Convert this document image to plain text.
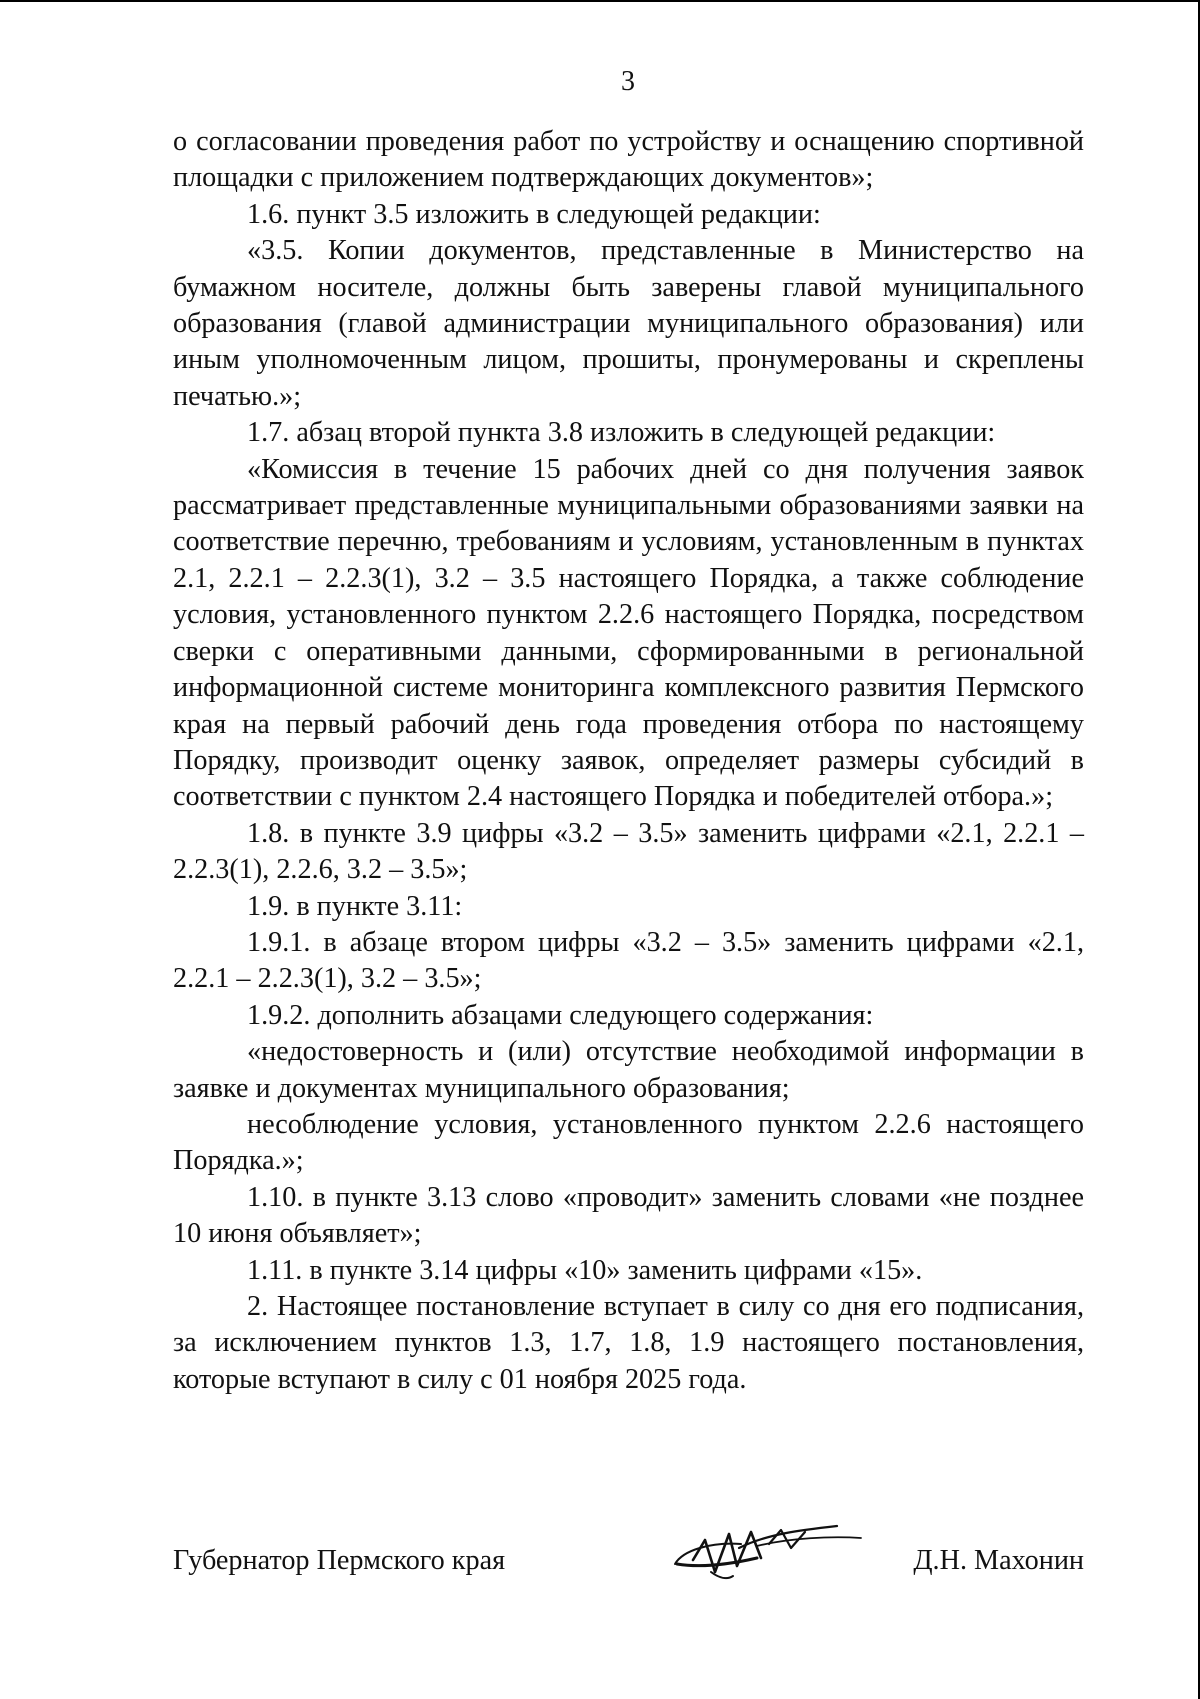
3

о согласовании проведения работ по устройству и оснащению спортивной площадки с приложением подтверждающих документов»;

1.6. пункт 3.5 изложить в следующей редакции:

«3.5. Копии документов, представленные в Министерство на бумажном носителе, должны быть заверены главой муниципального образования (главой администрации муниципального образования) или иным уполномоченным лицом, прошиты, пронумерованы и скреплены печатью.»;

1.7. абзац второй пункта 3.8 изложить в следующей редакции:

«Комиссия в течение 15 рабочих дней со дня получения заявок рассматривает представленные муниципальными образованиями заявки на соответствие перечню, требованиям и условиям, установленным в пунктах 2.1, 2.2.1 – 2.2.3(1), 3.2 – 3.5 настоящего Порядка, а также соблюдение условия, установленного пунктом 2.2.6 настоящего Порядка, посредством сверки с оперативными данными, сформированными в региональной информационной системе мониторинга комплексного развития Пермского края на первый рабочий день года проведения отбора по настоящему Порядку, производит оценку заявок, определяет размеры субсидий в соответствии с пунктом 2.4 настоящего Порядка и победителей отбора.»;

1.8. в пункте 3.9 цифры «3.2 – 3.5» заменить цифрами «2.1, 2.2.1 – 2.2.3(1), 2.2.6, 3.2 – 3.5»;

1.9. в пункте 3.11:

1.9.1. в абзаце втором цифры «3.2 – 3.5» заменить цифрами «2.1, 2.2.1 – 2.2.3(1), 3.2 – 3.5»;

1.9.2. дополнить абзацами следующего содержания:

«недостоверность и (или) отсутствие необходимой информации в заявке и документах муниципального образования;

несоблюдение условия, установленного пунктом 2.2.6 настоящего Порядка.»;

1.10. в пункте 3.13 слово «проводит» заменить словами «не позднее 10 июня объявляет»;

1.11. в пункте 3.14 цифры «10» заменить цифрами «15».

2. Настоящее постановление вступает в силу со дня его подписания, за исключением пунктов 1.3, 1.7, 1.8, 1.9 настоящего постановления, которые вступают в силу с 01 ноября 2025 года.

Губернатор Пермского края	Д.Н. Махонин
